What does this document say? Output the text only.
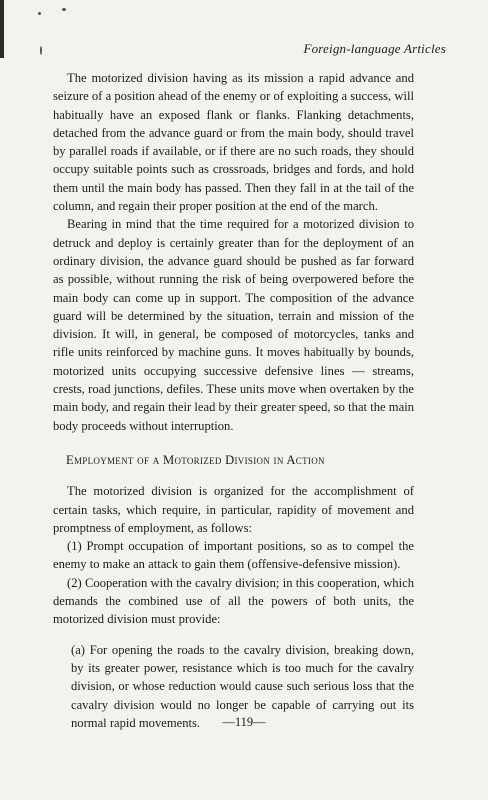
Foreign-language Articles

The motorized division having as its mission a rapid advance and seizure of a position ahead of the enemy or of exploiting a success, will habitually have an exposed flank or flanks. Flanking detachments, detached from the advance guard or from the main body, should travel by parallel roads if available, or if there are no such roads, they should occupy suitable points such as crossroads, bridges and fords, and hold them until the main body has passed. Then they fall in at the tail of the column, and regain their proper position at the end of the march.

Bearing in mind that the time required for a motorized division to detruck and deploy is certainly greater than for the deployment of an ordinary division, the advance guard should be pushed as far forward as possible, without running the risk of being overpowered before the main body can come up in support. The composition of the advance guard will be determined by the situation, terrain and mission of the division. It will, in general, be composed of motorcycles, tanks and rifle units reinforced by machine guns. It moves habitually by bounds, motorized units occupying successive defensive lines — streams, crests, road junctions, defiles. These units move when overtaken by the main body, and regain their lead by their greater speed, so that the main body proceeds without interruption.

Employment of a Motorized Division in Action

The motorized division is organized for the accomplishment of certain tasks, which require, in particular, rapidity of movement and promptness of employment, as follows:

(1) Prompt occupation of important positions, so as to compel the enemy to make an attack to gain them (offensive-defensive mission).

(2) Cooperation with the cavalry division; in this cooperation, which demands the combined use of all the powers of both units, the motorized division must provide:

(a) For opening the roads to the cavalry division, breaking down, by its greater power, resistance which is too much for the cavalry division, or whose reduction would cause such serious loss that the cavalry division would no longer be capable of carrying out its normal rapid movements.	—119—
